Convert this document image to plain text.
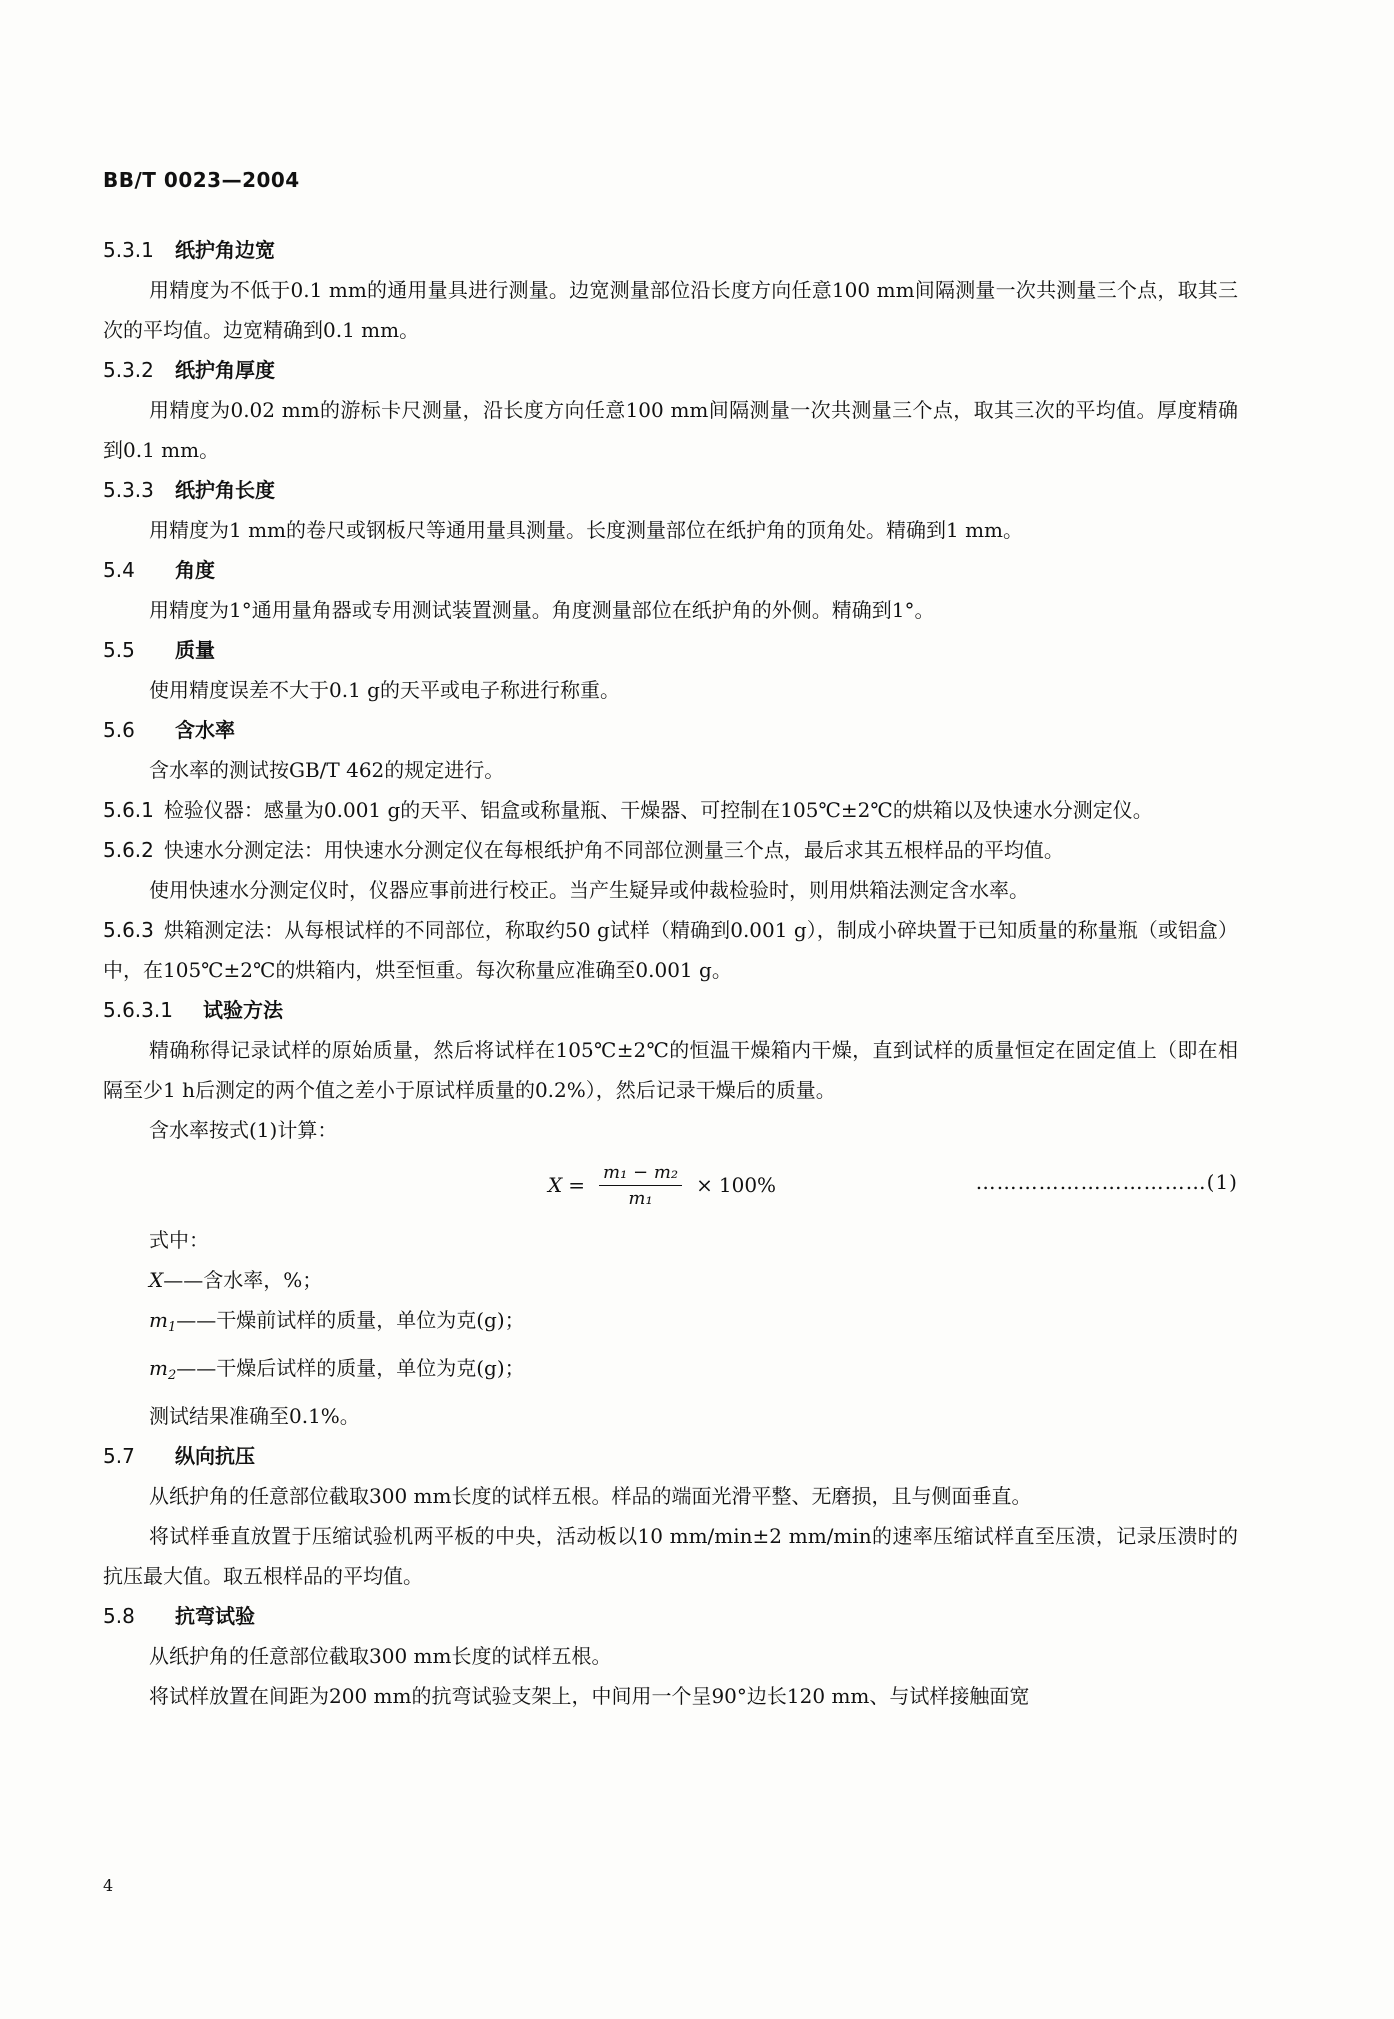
BB/T 0023—2004
5.3.1 纸护角边宽
用精度为不低于0.1 mm的通用量具进行测量。边宽测量部位沿长度方向任意100 mm间隔测量一次共测量三个点，取其三次的平均值。边宽精确到0.1 mm。
5.3.2 纸护角厚度
用精度为0.02 mm的游标卡尺测量，沿长度方向任意100 mm间隔测量一次共测量三个点，取其三次的平均值。厚度精确到0.1 mm。
5.3.3 纸护角长度
用精度为1 mm的卷尺或钢板尺等通用量具测量。长度测量部位在纸护角的顶角处。精确到1 mm。
5.4 角度
用精度为1°通用量角器或专用测试装置测量。角度测量部位在纸护角的外侧。精确到1°。
5.5 质量
使用精度误差不大于0.1 g的天平或电子称进行称重。
5.6 含水率
含水率的测试按GB/T 462的规定进行。
5.6.1 检验仪器：感量为0.001 g的天平、铝盒或称量瓶、干燥器、可控制在105℃±2℃的烘箱以及快速水分测定仪。
5.6.2 快速水分测定法：用快速水分测定仪在每根纸护角不同部位测量三个点，最后求其五根样品的平均值。
使用快速水分测定仪时，仪器应事前进行校正。当产生疑异或仲裁检验时，则用烘箱法测定含水率。
5.6.3 烘箱测定法：从每根试样的不同部位，称取约50 g试样（精确到0.001 g），制成小碎块置于已知质量的称量瓶（或铝盒）中，在105℃±2℃的烘箱内，烘至恒重。每次称量应准确至0.001 g。
5.6.3.1 试验方法
精确称得记录试样的原始质量，然后将试样在105℃±2℃的恒温干燥箱内干燥，直到试样的质量恒定在固定值上（即在相隔至少1 h后测定的两个值之差小于原试样质量的0.2%），然后记录干燥后的质量。
含水率按式(1)计算：
$X = \frac{\text{m₁ − m₂}}{\text{m₁}} \times 100\%$	……………………………(1)
式中：
X——含水率，%；
$m_1——$干燥前试样的质量，单位为克(g)；
$m_2——$干燥后试样的质量，单位为克(g)；
测试结果准确至0.1%。
5.7 纵向抗压
从纸护角的任意部位截取300 mm长度的试样五根。样品的端面光滑平整、无磨损，且与侧面垂直。
将试样垂直放置于压缩试验机两平板的中央，活动板以10 mm/min±2 mm/min的速率压缩试样直至压溃，记录压溃时的抗压最大值。取五根样品的平均值。
5.8 抗弯试验
从纸护角的任意部位截取300 mm长度的试样五根。
将试样放置在间距为200 mm的抗弯试验支架上，中间用一个呈90°边长120 mm、与试样接触面宽
4
